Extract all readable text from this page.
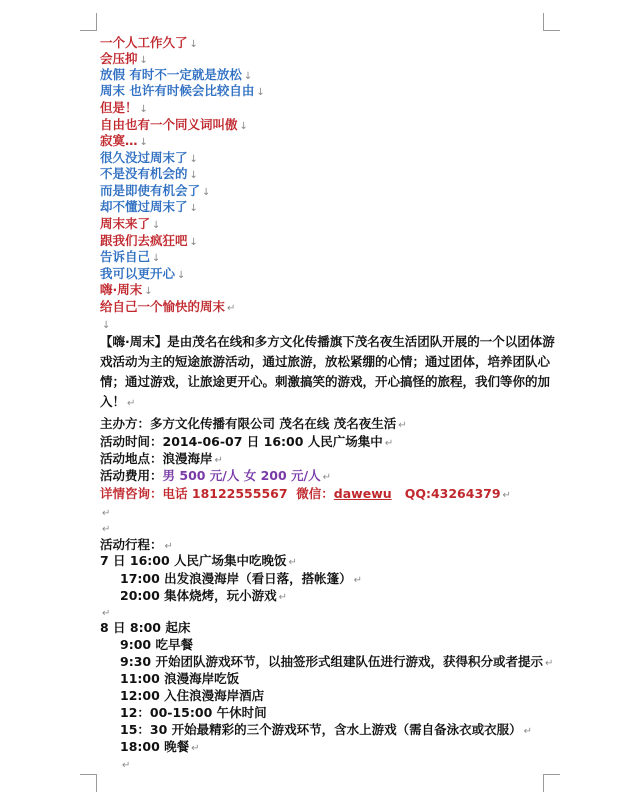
一个人工作久了 ↓
会压抑 ↓
放假 有时不一定就是放松 ↓
周末 也许有时候会比较自由 ↓
但是！ ↓
自由也有一个同义词叫傲 ↓
寂寞… ↓
很久没过周末了 ↓
不是没有机会的 ↓
而是即使有机会了 ↓
却不懂过周末了 ↓
周末来了 ↓
跟我们去疯狂吧 ↓
告诉自己 ↓
我可以更开心 ↓
嗨·周末 ↓
给自己一个愉快的周末 ↵
↓
【嗨·周末】是由茂名在线和多方文化传播旗下茂名夜生活团队开展的一个以团体游戏活动为主的短途旅游活动，通过旅游，放松紧绷的心情；通过团体，培养团队心情；通过游戏，让旅途更开心。刺激搞笑的游戏，开心搞怪的旅程，我们等你的加入！ ↵
主办方：多方文化传播有限公司 茂名在线 茂名夜生活 ↵
活动时间：2014-06-07 日 16:00 人民广场集中 ↵
活动地点：浪漫海岸 ↵
活动费用：男 500 元/人 女 200 元/人 ↵
详情咨询：电话 18122555567 微信：dawewu QQ:43264379 ↵
↵
↵
活动行程： ↵
7 日 16:00 人民广场集中吃晚饭 ↵
17:00 出发浪漫海岸（看日落，搭帐篷） ↵
20:00 集体烧烤，玩小游戏 ↵
↵
8 日 8:00 起床
9:00 吃早餐
9:30 开始团队游戏环节，以抽签形式组建队伍进行游戏，获得积分或者提示 ↵
11:00 浪漫海岸吃饭
12:00 入住浪漫海岸酒店
12：00-15:00 午休时间
15：30 开始最精彩的三个游戏环节，含水上游戏（需自备泳衣或衣服） ↵
18:00 晚餐 ↵
↵
